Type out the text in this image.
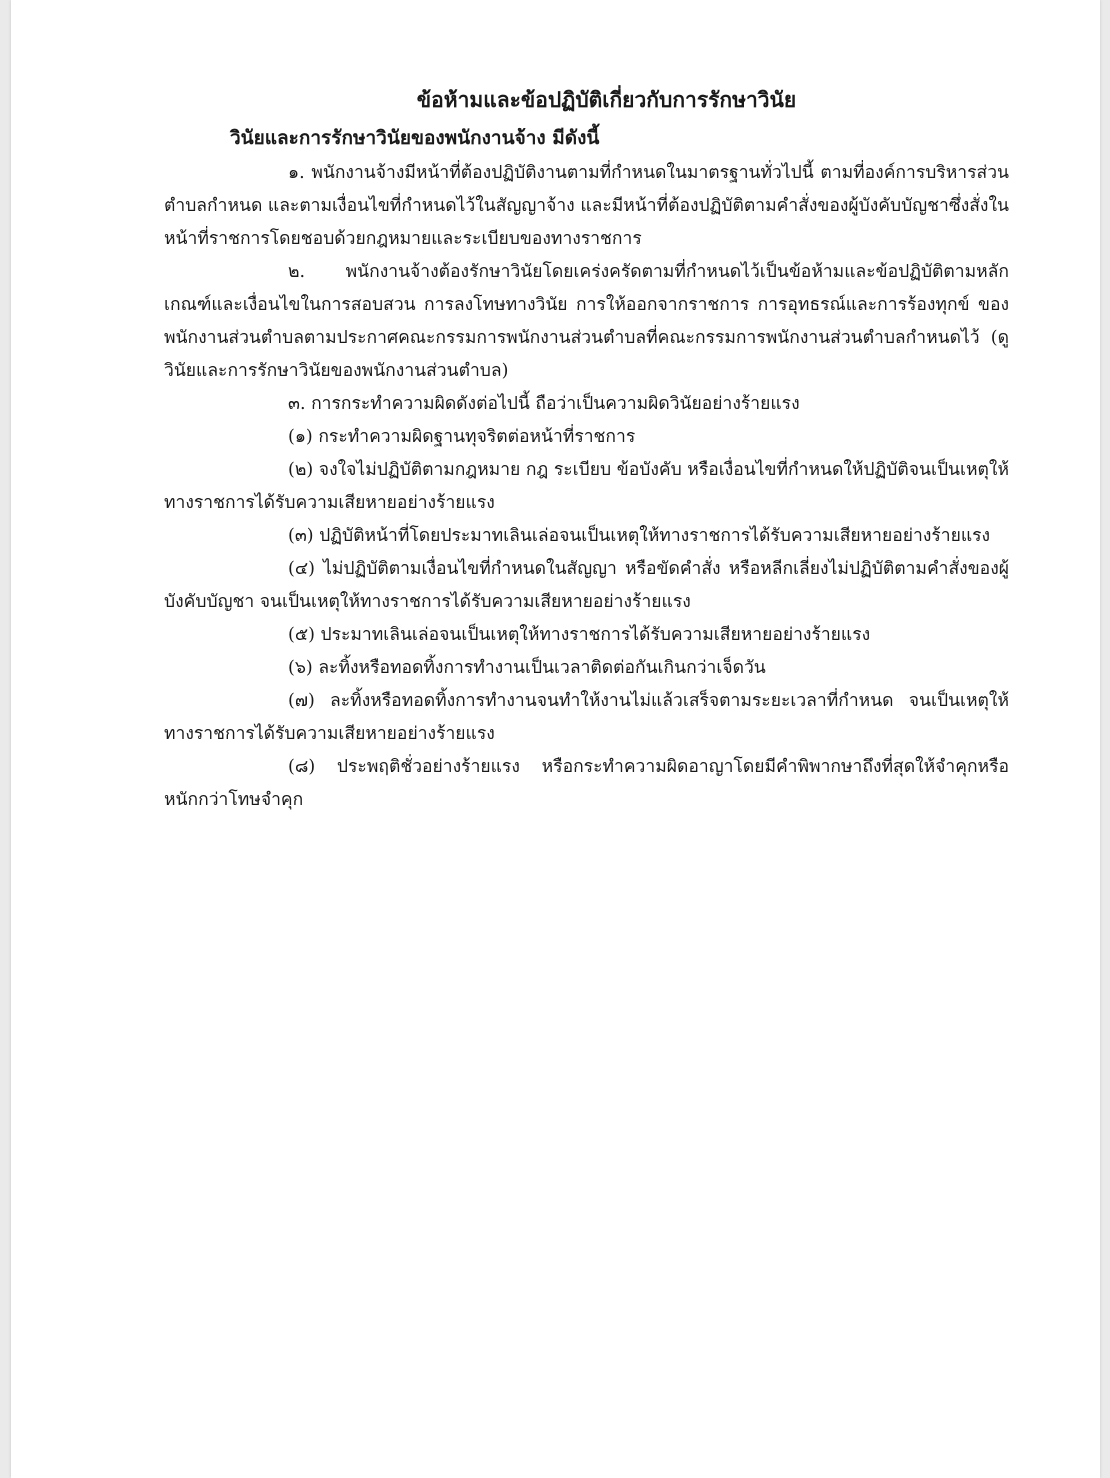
ข้อห้ามและข้อปฏิบัติเกี่ยวกับการรักษาวินัย
วินัยและการรักษาวินัยของพนักงานจ้าง มีดังนี้

๑. พนักงานจ้างมีหน้าที่ต้องปฏิบัติงานตามที่กำหนดในมาตรฐานทั่วไปนี้ ตามที่องค์การบริหารส่วนตำบลกำหนด และตามเงื่อนไขที่กำหนดไว้ในสัญญาจ้าง และมีหน้าที่ต้องปฏิบัติตามคำสั่งของผู้บังคับบัญชาซึ่งสั่งในหน้าที่ราชการโดยชอบด้วยกฎหมายและระเบียบของทางราชการ

๒. พนักงานจ้างต้องรักษาวินัยโดยเคร่งครัดตามที่กำหนดไว้เป็นข้อห้ามและข้อปฏิบัติตามหลักเกณฑ์และเงื่อนไขในการสอบสวน การลงโทษทางวินัย การให้ออกจากราชการ การอุทธรณ์และการร้องทุกข์ ของพนักงานส่วนตำบลตามประกาศคณะกรรมการพนักงานส่วนตำบลที่คณะกรรมการพนักงานส่วนตำบลกำหนดไว้ (ดูวินัยและการรักษาวินัยของพนักงานส่วนตำบล)

๓. การกระทำความผิดดังต่อไปนี้ ถือว่าเป็นความผิดวินัยอย่างร้ายแรง

(๑) กระทำความผิดฐานทุจริตต่อหน้าที่ราชการ

(๒) จงใจไม่ปฏิบัติตามกฎหมาย กฎ ระเบียบ ข้อบังคับ หรือเงื่อนไขที่กำหนดให้ปฏิบัติจนเป็นเหตุให้ทางราชการได้รับความเสียหายอย่างร้ายแรง

(๓) ปฏิบัติหน้าที่โดยประมาทเลินเล่อจนเป็นเหตุให้ทางราชการได้รับความเสียหายอย่างร้ายแรง

(๔) ไม่ปฏิบัติตามเงื่อนไขที่กำหนดในสัญญา หรือขัดคำสั่ง หรือหลีกเลี่ยงไม่ปฏิบัติตามคำสั่งของผู้บังคับบัญชา จนเป็นเหตุให้ทางราชการได้รับความเสียหายอย่างร้ายแรง

(๕) ประมาทเลินเล่อจนเป็นเหตุให้ทางราชการได้รับความเสียหายอย่างร้ายแรง

(๖) ละทิ้งหรือทอดทิ้งการทำงานเป็นเวลาติดต่อกันเกินกว่าเจ็ดวัน

(๗) ละทิ้งหรือทอดทิ้งการทำงานจนทำให้งานไม่แล้วเสร็จตามระยะเวลาที่กำหนด จนเป็นเหตุให้ทางราชการได้รับความเสียหายอย่างร้ายแรง

(๘) ประพฤติชั่วอย่างร้ายแรง หรือกระทำความผิดอาญาโดยมีคำพิพากษาถึงที่สุดให้จำคุกหรือหนักกว่าโทษจำคุก
